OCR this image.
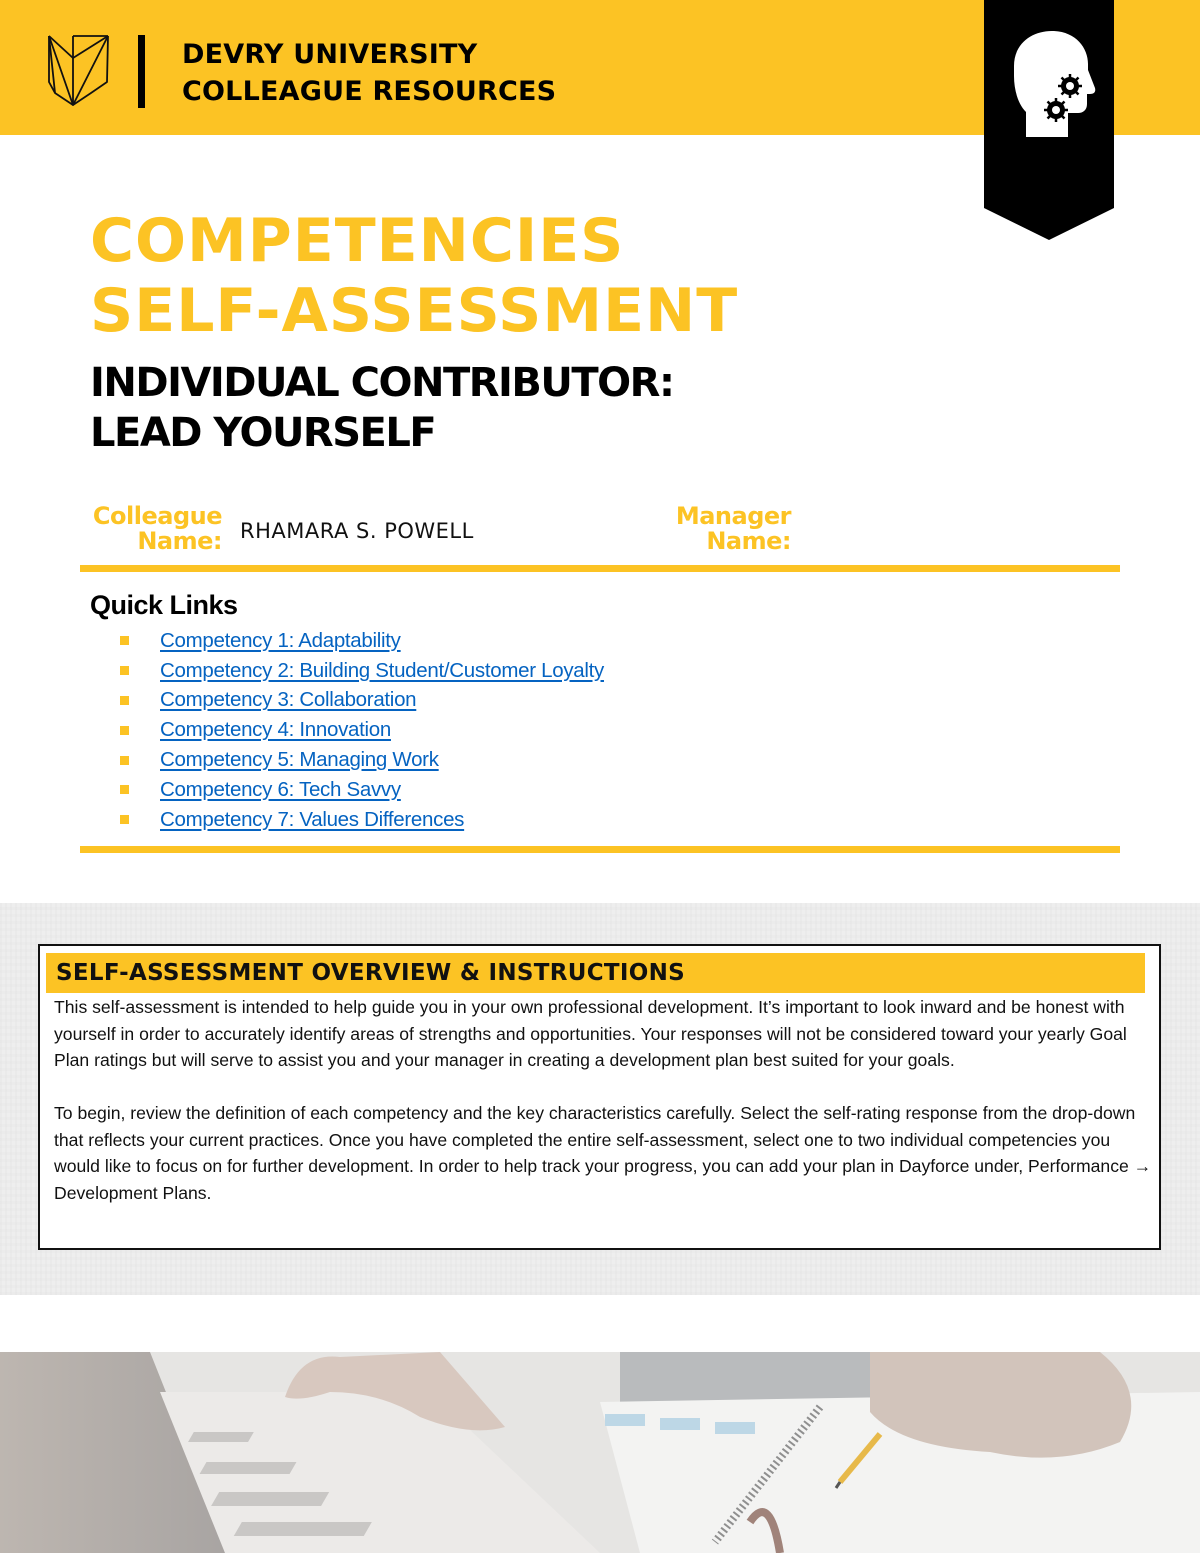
DEVRY UNIVERSITY
COLLEAGUE RESOURCES
COMPETENCIES
SELF-ASSESSMENT
INDIVIDUAL CONTRIBUTOR:
LEAD YOURSELF
Colleague
Name: RHAMARA S. POWELL
Manager
Name:
Quick Links
Competency 1: Adaptability
Competency 2: Building Student/Customer Loyalty
Competency 3: Collaboration
Competency 4: Innovation
Competency 5: Managing Work
Competency 6: Tech Savvy
Competency 7: Values Differences
SELF-ASSESSMENT OVERVIEW & INSTRUCTIONS

This self-assessment is intended to help guide you in your own professional development. It’s important to look inward and be honest with yourself in order to accurately identify areas of strengths and opportunities. Your responses will not be considered toward your yearly Goal Plan ratings but will serve to assist you and your manager in creating a development plan best suited for your goals.

To begin, review the definition of each competency and the key characteristics carefully. Select the self-rating response from the drop-down that reflects your current practices. Once you have completed the entire self-assessment, select one to two individual competencies you would like to focus on for further development. In order to help track your progress, you can add your plan in Dayforce under, Performance → Development Plans.
